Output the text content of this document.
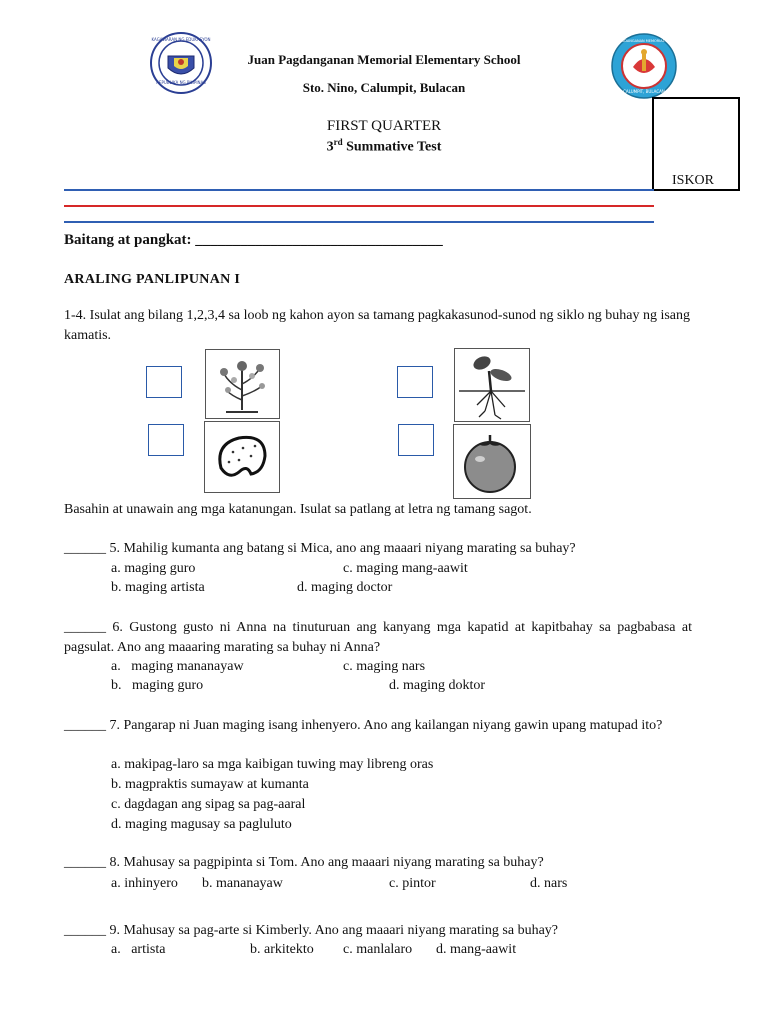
REPUBLIKA NG PILIPINAS
KAGAWARAN NG EDUKASYON
CALUMPIT, BULACAN
JUAN PAGDANGANAN MEMORIAL SCHOOL
Juan Pagdanganan Memorial Elementary School
Sto. Nino, Calumpit, Bulacan
FIRST QUARTER
3rd Summative Test
ISKOR
Baitang at pangkat: _________________________________
ARALING PANLIPUNAN I
1-4. Isulat ang bilang 1,2,3,4 sa loob ng kahon ayon sa tamang pagkakasunod-sunod ng siklo ng buhay ng isang kamatis.
Basahin at unawain ang mga katanungan. Isulat sa patlang at letra ng tamang sagot.
______ 5. Mahilig kumanta ang batang si Mica, ano ang maaari niyang marating sa buhay?
a. maging guro	c. maging mang-aawit
b. maging artista	d. maging doctor
______ 6. Gustong gusto ni Anna na tinuturuan ang kanyang mga kapatid at kapitbahay sa pagbabasa at pagsulat. Ano ang maaaring marating sa buhay ni Anna?
a.   maging mananayaw	c. maging nars
b.   maging guro	d. maging doktor
______ 7. Pangarap ni Juan maging isang inhenyero. Ano ang kailangan niyang gawin upang matupad ito?
a. makipag-laro sa mga kaibigan tuwing may libreng oras
b. magpraktis sumayaw at kumanta
c. dagdagan ang sipag sa pag-aaral
d. maging magusay sa pagluluto
______ 8. Mahusay sa pagpipinta si Tom. Ano ang maaari niyang marating sa buhay?
a. inhinyero b. mananayaw	c. pintor	d. nars
______ 9. Mahusay sa pag-arte si Kimberly. Ano ang maaari niyang marating sa buhay?
a.   artista	b. arkitekto c. manlalaro d. mang-aawit
